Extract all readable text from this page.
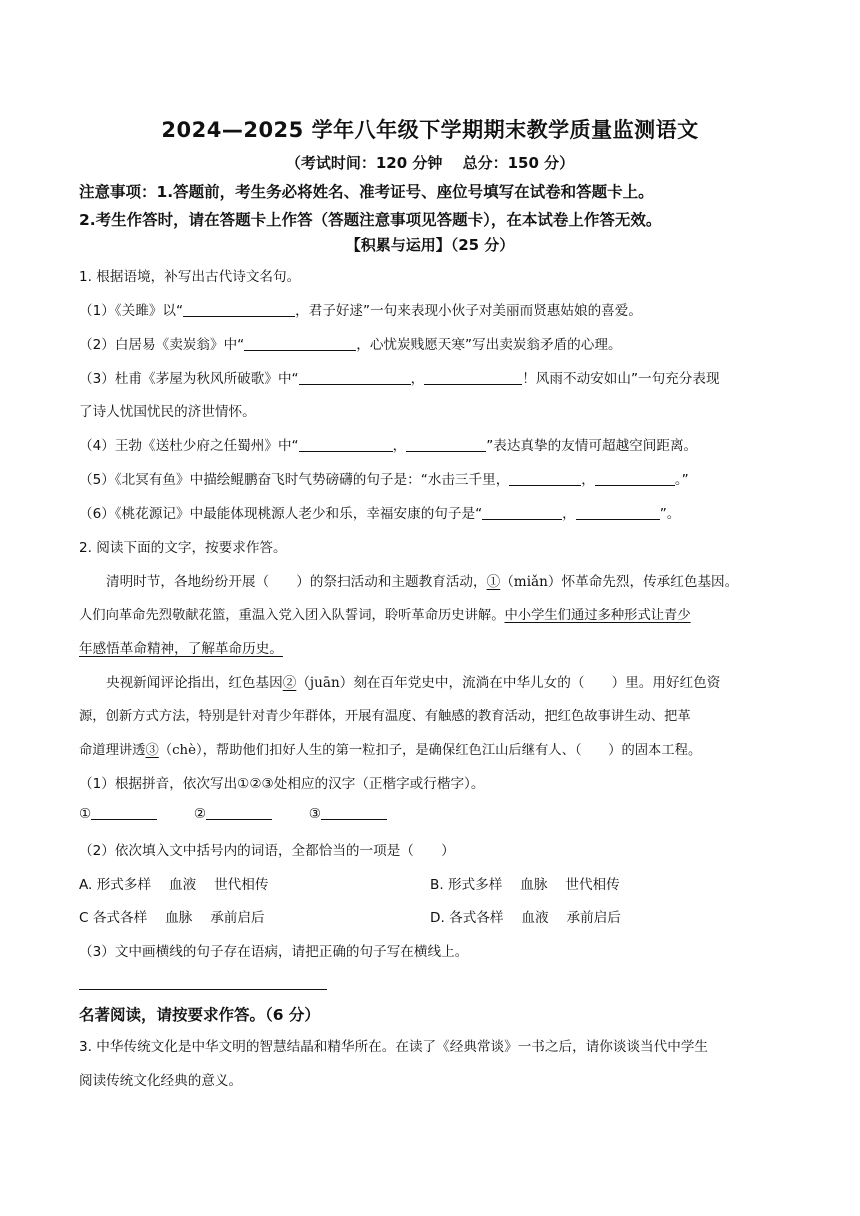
2024—2025 学年八年级下学期期末教学质量监测语文
（考试时间：120 分钟　 总分：150 分）
注意事项：1.答题前，考生务必将姓名、准考证号、座位号填写在试卷和答题卡上。
2.考生作答时，请在答题卡上作答（答题注意事项见答题卡），在本试卷上作答无效。
【积累与运用】（25 分）
1. 根据语境，补写出古代诗文名句。
（1）《关雎》以“	，君子好逑”一句来表现小伙子对美丽而贤惠姑娘的喜爱。
（2）白居易《卖炭翁》中“	，心忧炭贱愿天寒”写出卖炭翁矛盾的心理。
（3）杜甫《茅屋为秋风所破歌》中“	，	！风雨不动安如山”一句充分表现
了诗人忧国忧民的济世情怀。
（4）王勃《送杜少府之任蜀州》中“	，	”表达真挚的友情可超越空间距离。
（5）《北冥有鱼》中描绘鲲鹏奋飞时气势磅礴的句子是：“水击三千里，	，	。”
（6）《桃花源记》中最能体现桃源人老少和乐，幸福安康的句子是“	，	”。
2. 阅读下面的文字，按要求作答。
清明时节，各地纷纷开展（　　）的祭扫活动和主题教育活动，①（miǎn）怀革命先烈，传承红色基因。
人们向革命先烈敬献花篮，重温入党入团入队誓词，聆听革命历史讲解。中小学生们通过多种形式让青少
年感悟革命精神，了解革命历史。
央视新闻评论指出，红色基因②（juān）刻在百年党史中，流淌在中华儿女的（　　）里。用好红色资
源，创新方式方法，特别是针对青少年群体，开展有温度、有触感的教育活动，把红色故事讲生动、把革
命道理讲透③（chè），帮助他们扣好人生的第一粒扣子，是确保红色江山后继有人、（　　）的固本工程。
（1）根据拼音，依次写出①②③处相应的汉字（正楷字或行楷字）。
①	②	③
（2）依次填入文中括号内的词语，全都恰当的一项是（　　）
A. 形式多样　 血液　 世代相传	B. 形式多样　 血脉　 世代相传
C 各式各样　 血脉　 承前启后	D. 各式各样　 血液　 承前启后
（3）文中画横线的句子存在语病，请把正确的句子写在横线上。
名著阅读，请按要求作答。（6 分）
3. 中华传统文化是中华文明的智慧结晶和精华所在。在读了《经典常谈》一书之后，请你谈谈当代中学生
阅读传统文化经典的意义。
